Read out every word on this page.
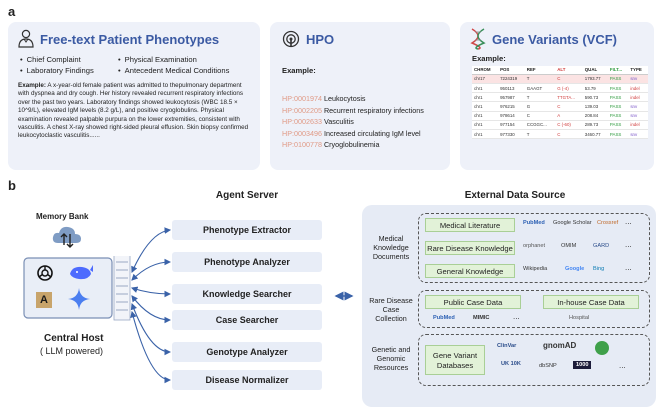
a
Free-text Patient Phenotypes
• Chief Complaint
• Laboratory Findings
• Physical Examination
• Antecedent Medical Conditions
Example: A x-year-old female patient was admitted to thepulmonary department with dyspnea and dry cough. Her history revealed recurrent respiratory infections over the past two years. Laboratory findings showed leukocytosis (WBC 18.5 × 10^9/L), elevated IgM levels (8.2 g/L), and positive cryoglobulins. Physical examination revealed palpable purpura on the lower extremities, consistent with vasculitis. A chest X-ray showed right-sided pleural effusion. Skin biopsy confirmed leukocytoclastic vasculitis......
HPO
Example:
HP:0001974 Leukocytosis
HP:0002205 Recurrent respiratory infections
HP:0002633 Vasculitis
HP:0003496 Increased circulating IgM level
HP:0100778 Cryoglobulinemia
Gene Variants (VCF)
Example:
CHROM	POS	REF	ALT	QUAL	FILT...	TYPE
chr17	7224319	T	C	1793.77	PASS	snv
chr1	950113	GAAGT	G (-4)	53.79	PASS	indel
chr1	957987	T	TTGTA...	590.73	PASS	indel
chr1	976215	G	C	139.03	PASS	snv
chr1	978614	C	A	208.84	PASS	snv
chr1	977154	CCGGC...	C (-60)	289.73	PASS	indel
chr1	977330	T	C	3460.77	PASS	snv
b
Memory Bank
A
Central Host
( LLM powered)
Agent Server
Phenotype Extractor
Phenotype Analyzer
Knowledge Searcher
Case Searcher
Genotype Analyzer
Disease Normalizer
External Data Source
Medical Knowledge Documents
Medical Literature	PubMed Google Scholar Crossref ...
Rare Disease Knowledge	orphanet	OMIM	GARD ...
General Knowledge	Wikipedia	Google Bing	...
Rare Disease Case Collection
Public Case Data	In-house Case Data
PubMed	MIMIC	...	Hospital
Genetic and Genomic Resources
Gene Variant Databases
ClinVar	gnomAD
UK 10K	dbSNP	1000	...
